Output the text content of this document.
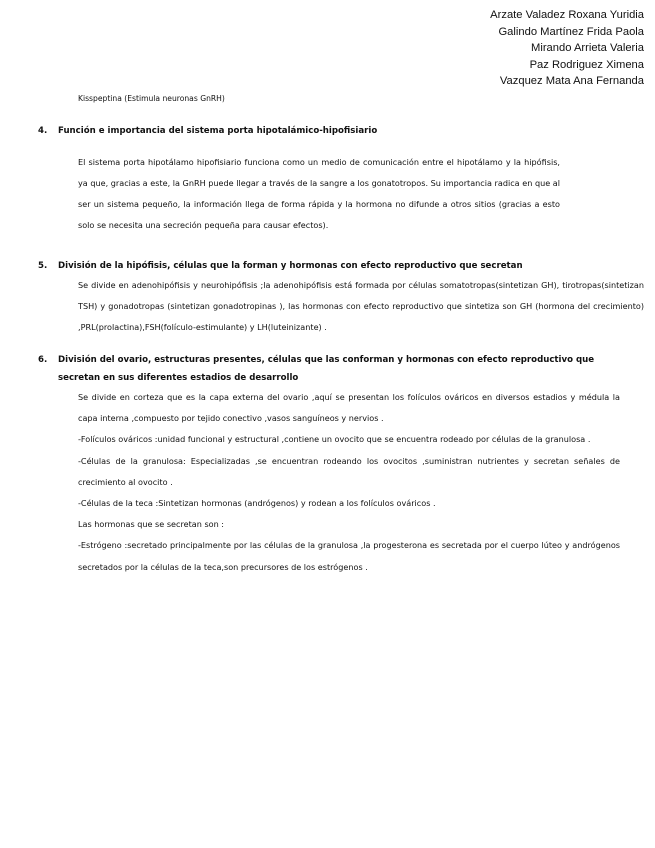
Arzate Valadez Roxana Yuridia
Galindo Martínez Frida Paola
Mirando Arrieta Valeria
Paz Rodriguez Ximena
Vazquez Mata Ana Fernanda
Kisspeptina (Estimula neuronas GnRH)
4.	Función e importancia del sistema porta hipotalámico-hipofisiario
El sistema porta hipotálamo hipofisiario funciona como un medio de comunicación entre el hipotálamo y la hipófisis, ya que, gracias a este, la GnRH puede llegar a través de la sangre a los gonatotropos. Su importancia radica en que al ser un sistema pequeño, la información llega de forma rápida y la hormona no difunde a otros sitios (gracias a esto solo se necesita una secreción pequeña para causar efectos).
5.	División de la hipófisis, células que la forman y hormonas con efecto reproductivo que secretan
Se divide en adenohipófisis y neurohipófisis ;la adenohipófisis está formada por células somatotropas(sintetizan GH), tirotropas(sintetizan TSH) y gonadotropas (sintetizan gonadotropinas ), las hormonas con efecto reproductivo que sintetiza son GH (hormona del crecimiento) ,PRL(prolactina),FSH(folículo-estimulante) y LH(luteinizante) .
6.	División del ovario, estructuras presentes, células que las conforman y hormonas con efecto reproductivo que secretan en sus diferentes estadios de desarrollo
Se divide en corteza que es la capa externa del ovario ,aquí se presentan los folículos ováricos en diversos estadios y médula la capa interna ,compuesto por tejido conectivo ,vasos sanguíneos y nervios .
-Folículos ováricos :unidad funcional y estructural ,contiene un ovocito que se encuentra rodeado por células de la granulosa .
-Células de la granulosa: Especializadas ,se encuentran rodeando los ovocitos ,suministran nutrientes y secretan señales de crecimiento al ovocito .
-Células de la teca :Sintetizan hormonas (andrógenos) y rodean a los folículos ováricos .
Las hormonas que se secretan son :
-Estrógeno :secretado principalmente por las células de la granulosa ,la progesterona es secretada por el cuerpo lúteo y andrógenos secretados por la células de la teca,son precursores de los estrógenos .
